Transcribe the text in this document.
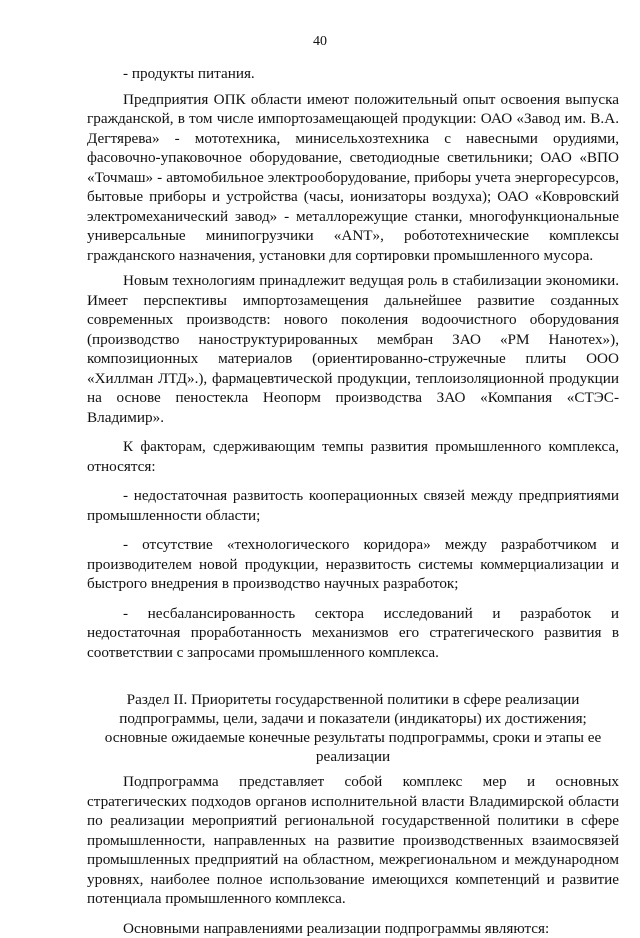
40

- продукты питания.

Предприятия ОПК области имеют положительный опыт освоения выпуска гражданской, в том числе импортозамещающей продукции: ОАО «Завод им. В.А. Дегтярева» - мототехника, минисельхозтехника с навесными орудиями, фасовочно-упаковочное оборудование, светодиодные светильники; ОАО «ВПО «Точмаш» - автомобильное электрооборудование, приборы учета энергоресурсов, бытовые приборы и устройства (часы, ионизаторы воздуха); ОАО «Ковровский электромеханический завод» - металлорежущие станки, многофункциональные универсальные минипогрузчики «ANT», робототехнические комплексы гражданского назначения, установки для сортировки промышленного мусора.

Новым технологиям принадлежит ведущая роль в стабилизации экономики. Имеет перспективы импортозамещения дальнейшее развитие созданных современных производств: нового поколения водоочистного оборудования (производство наноструктурированных мембран ЗАО «РМ Нанотех»), композиционных материалов (ориентированно-стружечные плиты ООО «Хиллман ЛТД».), фармацевтической продукции, теплоизоляционной продукции на основе пеностекла Неопорм производства ЗАО «Компания «СТЭС-Владимир».

К факторам, сдерживающим темпы развития промышленного комплекса, относятся:

- недостаточная развитость кооперационных связей между предприятиями промышленности области;

- отсутствие «технологического коридора» между разработчиком и производителем новой продукции, неразвитость системы коммерциализации и быстрого внедрения в производство научных разработок;

- несбалансированность сектора исследований и разработок и недостаточная проработанность механизмов его стратегического развития в соответствии с запросами промышленного комплекса.

Раздел II. Приоритеты государственной политики в сфере реализации подпрограммы, цели, задачи и показатели (индикаторы) их достижения; основные ожидаемые конечные результаты подпрограммы, сроки и этапы ее реализации

Подпрограмма представляет собой комплекс мер и основных стратегических подходов органов исполнительной власти Владимирской области по реализации мероприятий региональной государственной политики в сфере промышленности, направленных на развитие производственных взаимосвязей промышленных предприятий на областном, межрегиональном и международном уровнях, наиболее полное использование имеющихся компетенций и развитие потенциала промышленного комплекса.

Основными направлениями реализации подпрограммы являются:
